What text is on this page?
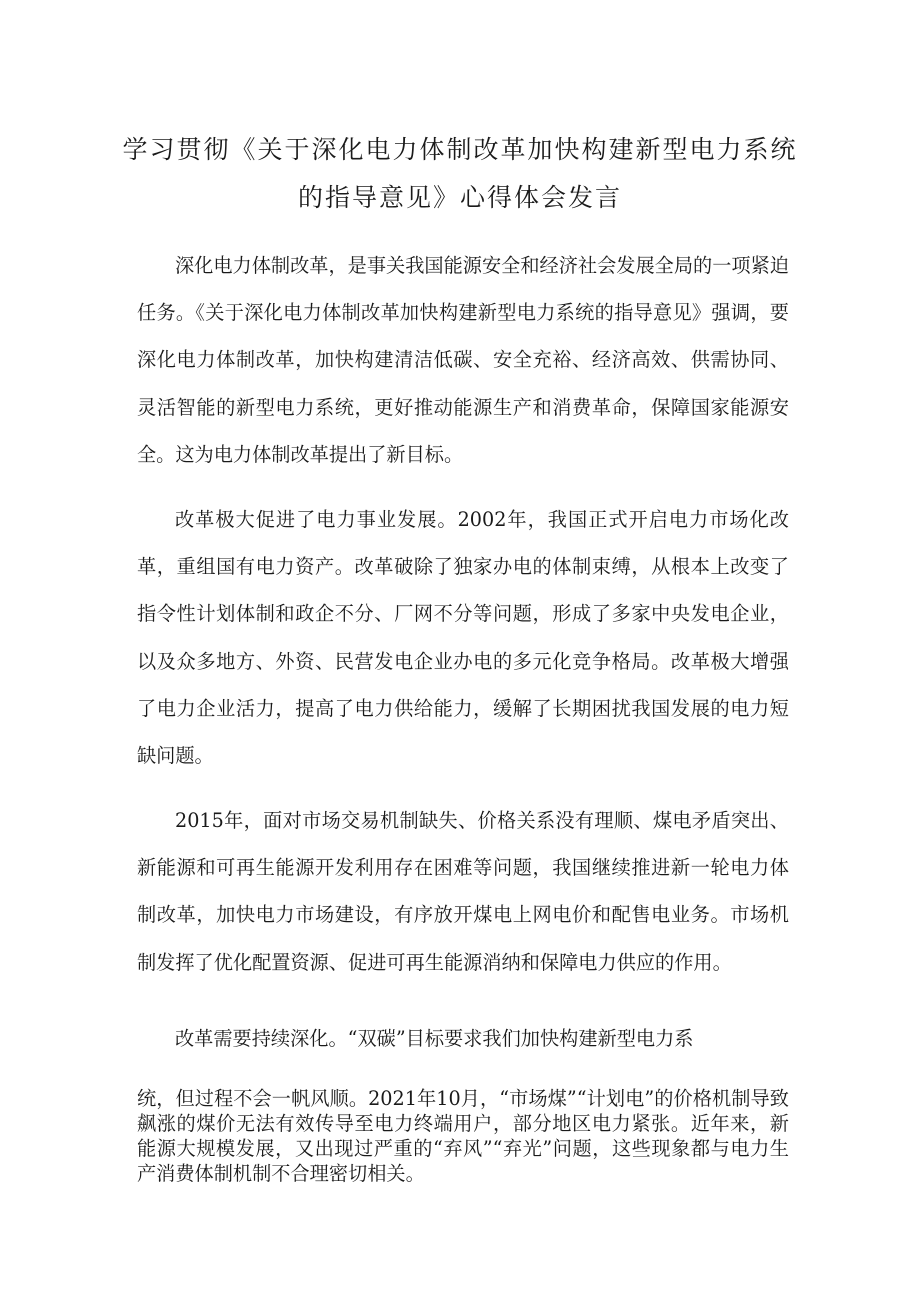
学习贯彻《关于深化电力体制改革加快构建新型电力系统
的指导意见》心得体会发言

深化电力体制改革，是事关我国能源安全和经济社会发展全局的一项紧迫任务。《关于深化电力体制改革加快构建新型电力系统的指导意见》强调，要深化电力体制改革，加快构建清洁低碳、安全充裕、经济高效、供需协同、灵活智能的新型电力系统，更好推动能源生产和消费革命，保障国家能源安全。这为电力体制改革提出了新目标。

改革极大促进了电力事业发展。2002年，我国正式开启电力市场化改革，重组国有电力资产。改革破除了独家办电的体制束缚，从根本上改变了指令性计划体制和政企不分、厂网不分等问题，形成了多家中央发电企业，以及众多地方、外资、民营发电企业办电的多元化竞争格局。改革极大增强了电力企业活力，提高了电力供给能力，缓解了长期困扰我国发展的电力短缺问题。

2015年，面对市场交易机制缺失、价格关系没有理顺、煤电矛盾突出、新能源和可再生能源开发利用存在困难等问题，我国继续推进新一轮电力体制改革，加快电力市场建设，有序放开煤电上网电价和配售电业务。市场机制发挥了优化配置资源、促进可再生能源消纳和保障电力供应的作用。

改革需要持续深化。“双碳”目标要求我们加快构建新型电力系

统，但过程不会一帆风顺。2021年10月，“市场煤”“计划电”的价格机制导致飙涨的煤价无法有效传导至电力终端用户，部分地区电力紧张。近年来，新能源大规模发展，又出现过严重的“弃风”“弃光”问题，这些现象都与电力生产消费体制机制不合理密切相关。
